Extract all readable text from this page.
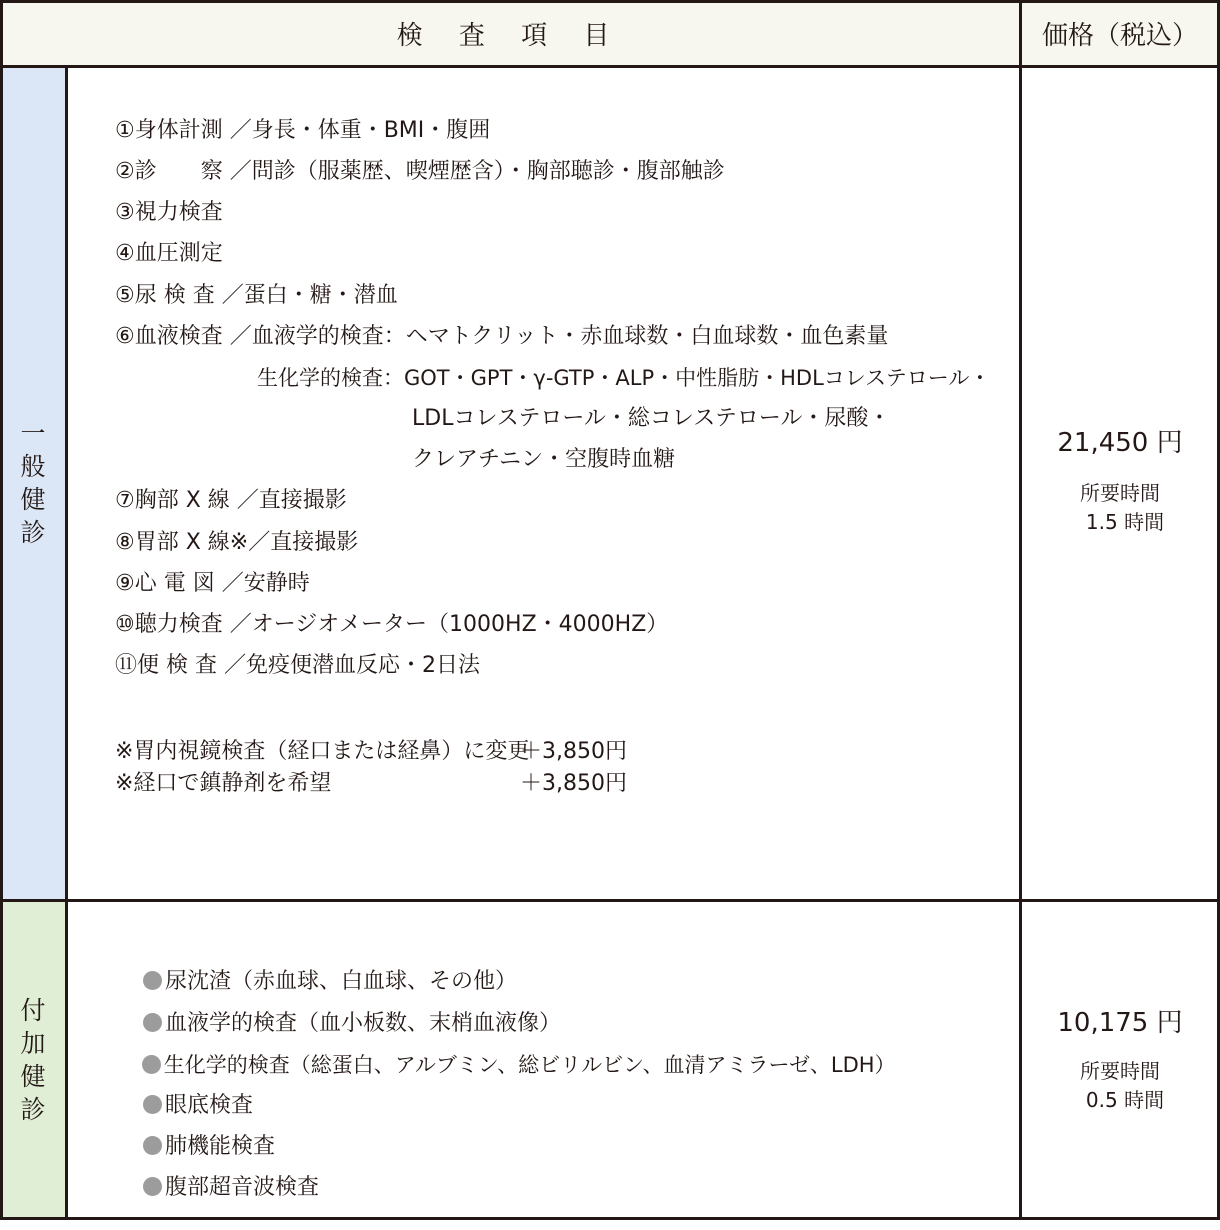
検 査 項 目	価格（税込）
一
般
健
診
付
加
健
診
①身体計測 ／身長・体重・BMI・腹囲
②診　　察 ／問診（服薬歴、喫煙歴含）・胸部聴診・腹部触診
③視力検査
④血圧測定
⑤尿 検 査 ／蛋白・糖・潜血
⑥血液検査 ／血液学的検査：ヘマトクリット・赤血球数・白血球数・血色素量
生化学的検査：GOT・GPT・γ-GTP・ALP・中性脂肪・HDLコレステロール・
LDLコレステロール・総コレステロール・尿酸・
クレアチニン・空腹時血糖
⑦胸部 X 線 ／直接撮影
⑧胃部 X 線※／直接撮影
⑨心 電 図 ／安静時
⑩聴力検査 ／オージオメーター（1000HZ・4000HZ）
⑪便 検 査 ／免疫便潜血反応・2日法
※胃内視鏡検査（経口または経鼻）に変更
＋3,850円
※経口で鎮静剤を希望	＋3,850円
21,450 円
所要時間
1.5 時間

尿沈渣（赤血球、白血球、その他）

血液学的検査（血小板数、末梢血液像）

生化学的検査（総蛋白、アルブミン、総ビリルビン、血清アミラーゼ、LDH）

眼底検査

肺機能検査

腹部超音波検査

10,175 円
所要時間
0.5 時間
